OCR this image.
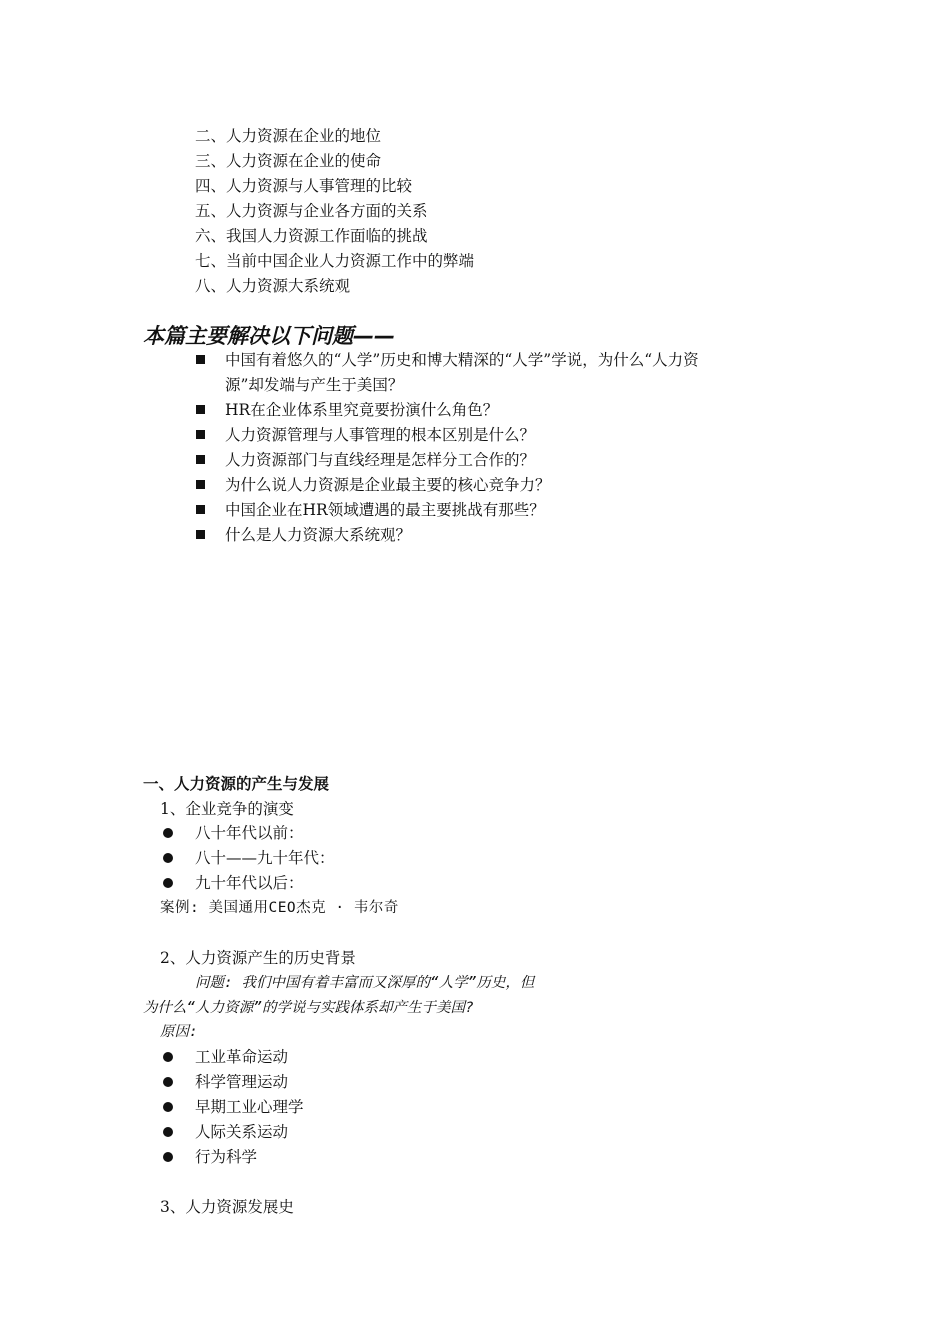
二、人力资源在企业的地位
三、人力资源在企业的使命
四、人力资源与人事管理的比较
五、人力资源与企业各方面的关系
六、我国人力资源工作面临的挑战
七、当前中国企业人力资源工作中的弊端
八、人力资源大系统观
本篇主要解决以下问题——
中国有着悠久的“人学”历史和博大精深的“人学”学说，为什么“人力资
源”却发端与产生于美国？
HR在企业体系里究竟要扮演什么角色？
人力资源管理与人事管理的根本区别是什么？
人力资源部门与直线经理是怎样分工合作的？
为什么说人力资源是企业最主要的核心竞争力？
中国企业在HR领域遭遇的最主要挑战有那些？
什么是人力资源大系统观？
一、人力资源的产生与发展
1、企业竞争的演变
八十年代以前：
八十——九十年代：
九十年代以后：
案例: 美国通用CEO杰克 · 韦尔奇
2、人力资源产生的历史背景
问题: 我们中国有着丰富而又深厚的“人学”历史，但
为什么“人力资源”的学说与实践体系却产生于美国?
原因:
工业革命运动
科学管理运动
早期工业心理学
人际关系运动
行为科学
3、人力资源发展史
